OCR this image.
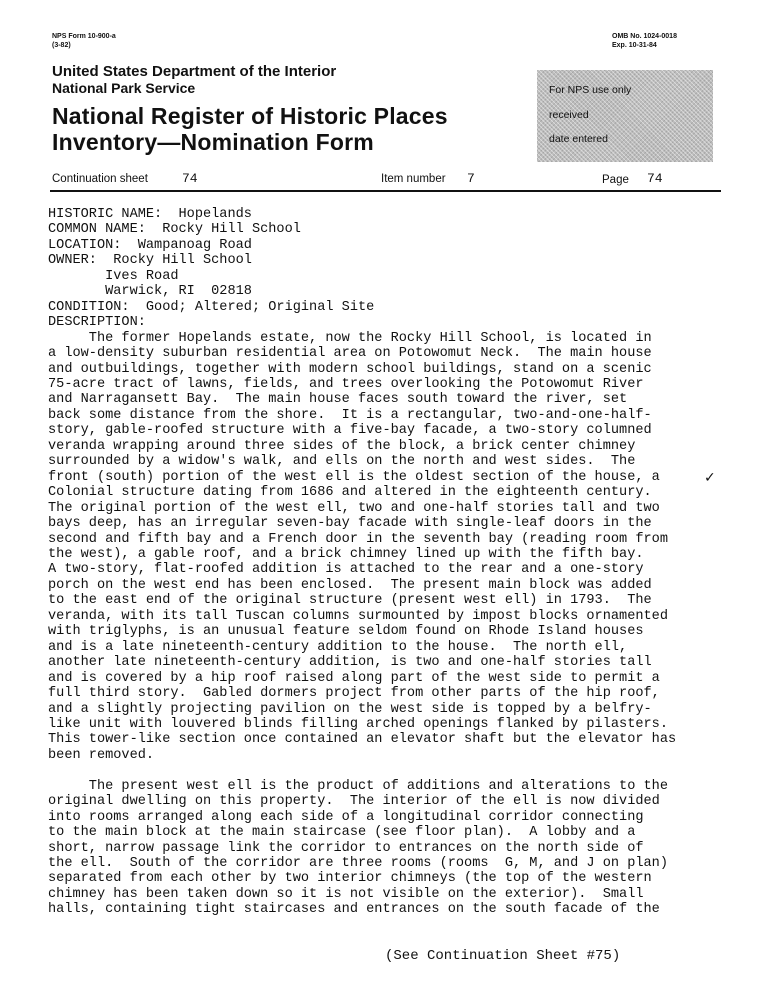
NPS Form 10-900-a
(3-82)
OMB No. 1024-0018
Exp. 10-31-84
United States Department of the Interior
National Park Service
National Register of Historic Places
Inventory—Nomination Form
For NPS use only
received
date entered
Continuation sheet	74	Item number 7	Page 74
HISTORIC NAME:  Hopelands
COMMON NAME:  Rocky Hill School
LOCATION:  Wampanoag Road
OWNER:  Rocky Hill School
Ives Road
Warwick, RI  02818
CONDITION:  Good; Altered; Original Site
DESCRIPTION:
The former Hopelands estate, now the Rocky Hill School, is located in
a low-density suburban residential area on Potowomut Neck.  The main house
and outbuildings, together with modern school buildings, stand on a scenic
75-acre tract of lawns, fields, and trees overlooking the Potowomut River
and Narragansett Bay.  The main house faces south toward the river, set
back some distance from the shore.  It is a rectangular, two-and-one-half-
story, gable-roofed structure with a five-bay facade, a two-story columned
veranda wrapping around three sides of the block, a brick center chimney
surrounded by a widow's walk, and ells on the north and west sides.  The
front (south) portion of the west ell is the oldest section of the house, a
Colonial structure dating from 1686 and altered in the eighteenth century.
The original portion of the west ell, two and one-half stories tall and two
bays deep, has an irregular seven-bay facade with single-leaf doors in the
second and fifth bay and a French door in the seventh bay (reading room from
the west), a gable roof, and a brick chimney lined up with the fifth bay.
A two-story, flat-roofed addition is attached to the rear and a one-story
porch on the west end has been enclosed.  The present main block was added
to the east end of the original structure (present west ell) in 1793.  The
veranda, with its tall Tuscan columns surmounted by impost blocks ornamented
with triglyphs, is an unusual feature seldom found on Rhode Island houses
and is a late nineteenth-century addition to the house.  The north ell,
another late nineteenth-century addition, is two and one-half stories tall
and is covered by a hip roof raised along part of the west side to permit a
full third story.  Gabled dormers project from other parts of the hip roof,
and a slightly projecting pavilion on the west side is topped by a belfry-
like unit with louvered blinds filling arched openings flanked by pilasters.
This tower-like section once contained an elevator shaft but the elevator has
been removed.

The present west ell is the product of additions and alterations to the
original dwelling on this property.  The interior of the ell is now divided
into rooms arranged along each side of a longitudinal corridor connecting
to the main block at the main staircase (see floor plan).  A lobby and a
short, narrow passage link the corridor to entrances on the north side of
the ell.  South of the corridor are three rooms (rooms  G, M, and J on plan)
separated from each other by two interior chimneys (the top of the western
chimney has been taken down so it is not visible on the exterior).  Small
halls, containing tight staircases and entrances on the south facade of the
✓
(See Continuation Sheet #75)
